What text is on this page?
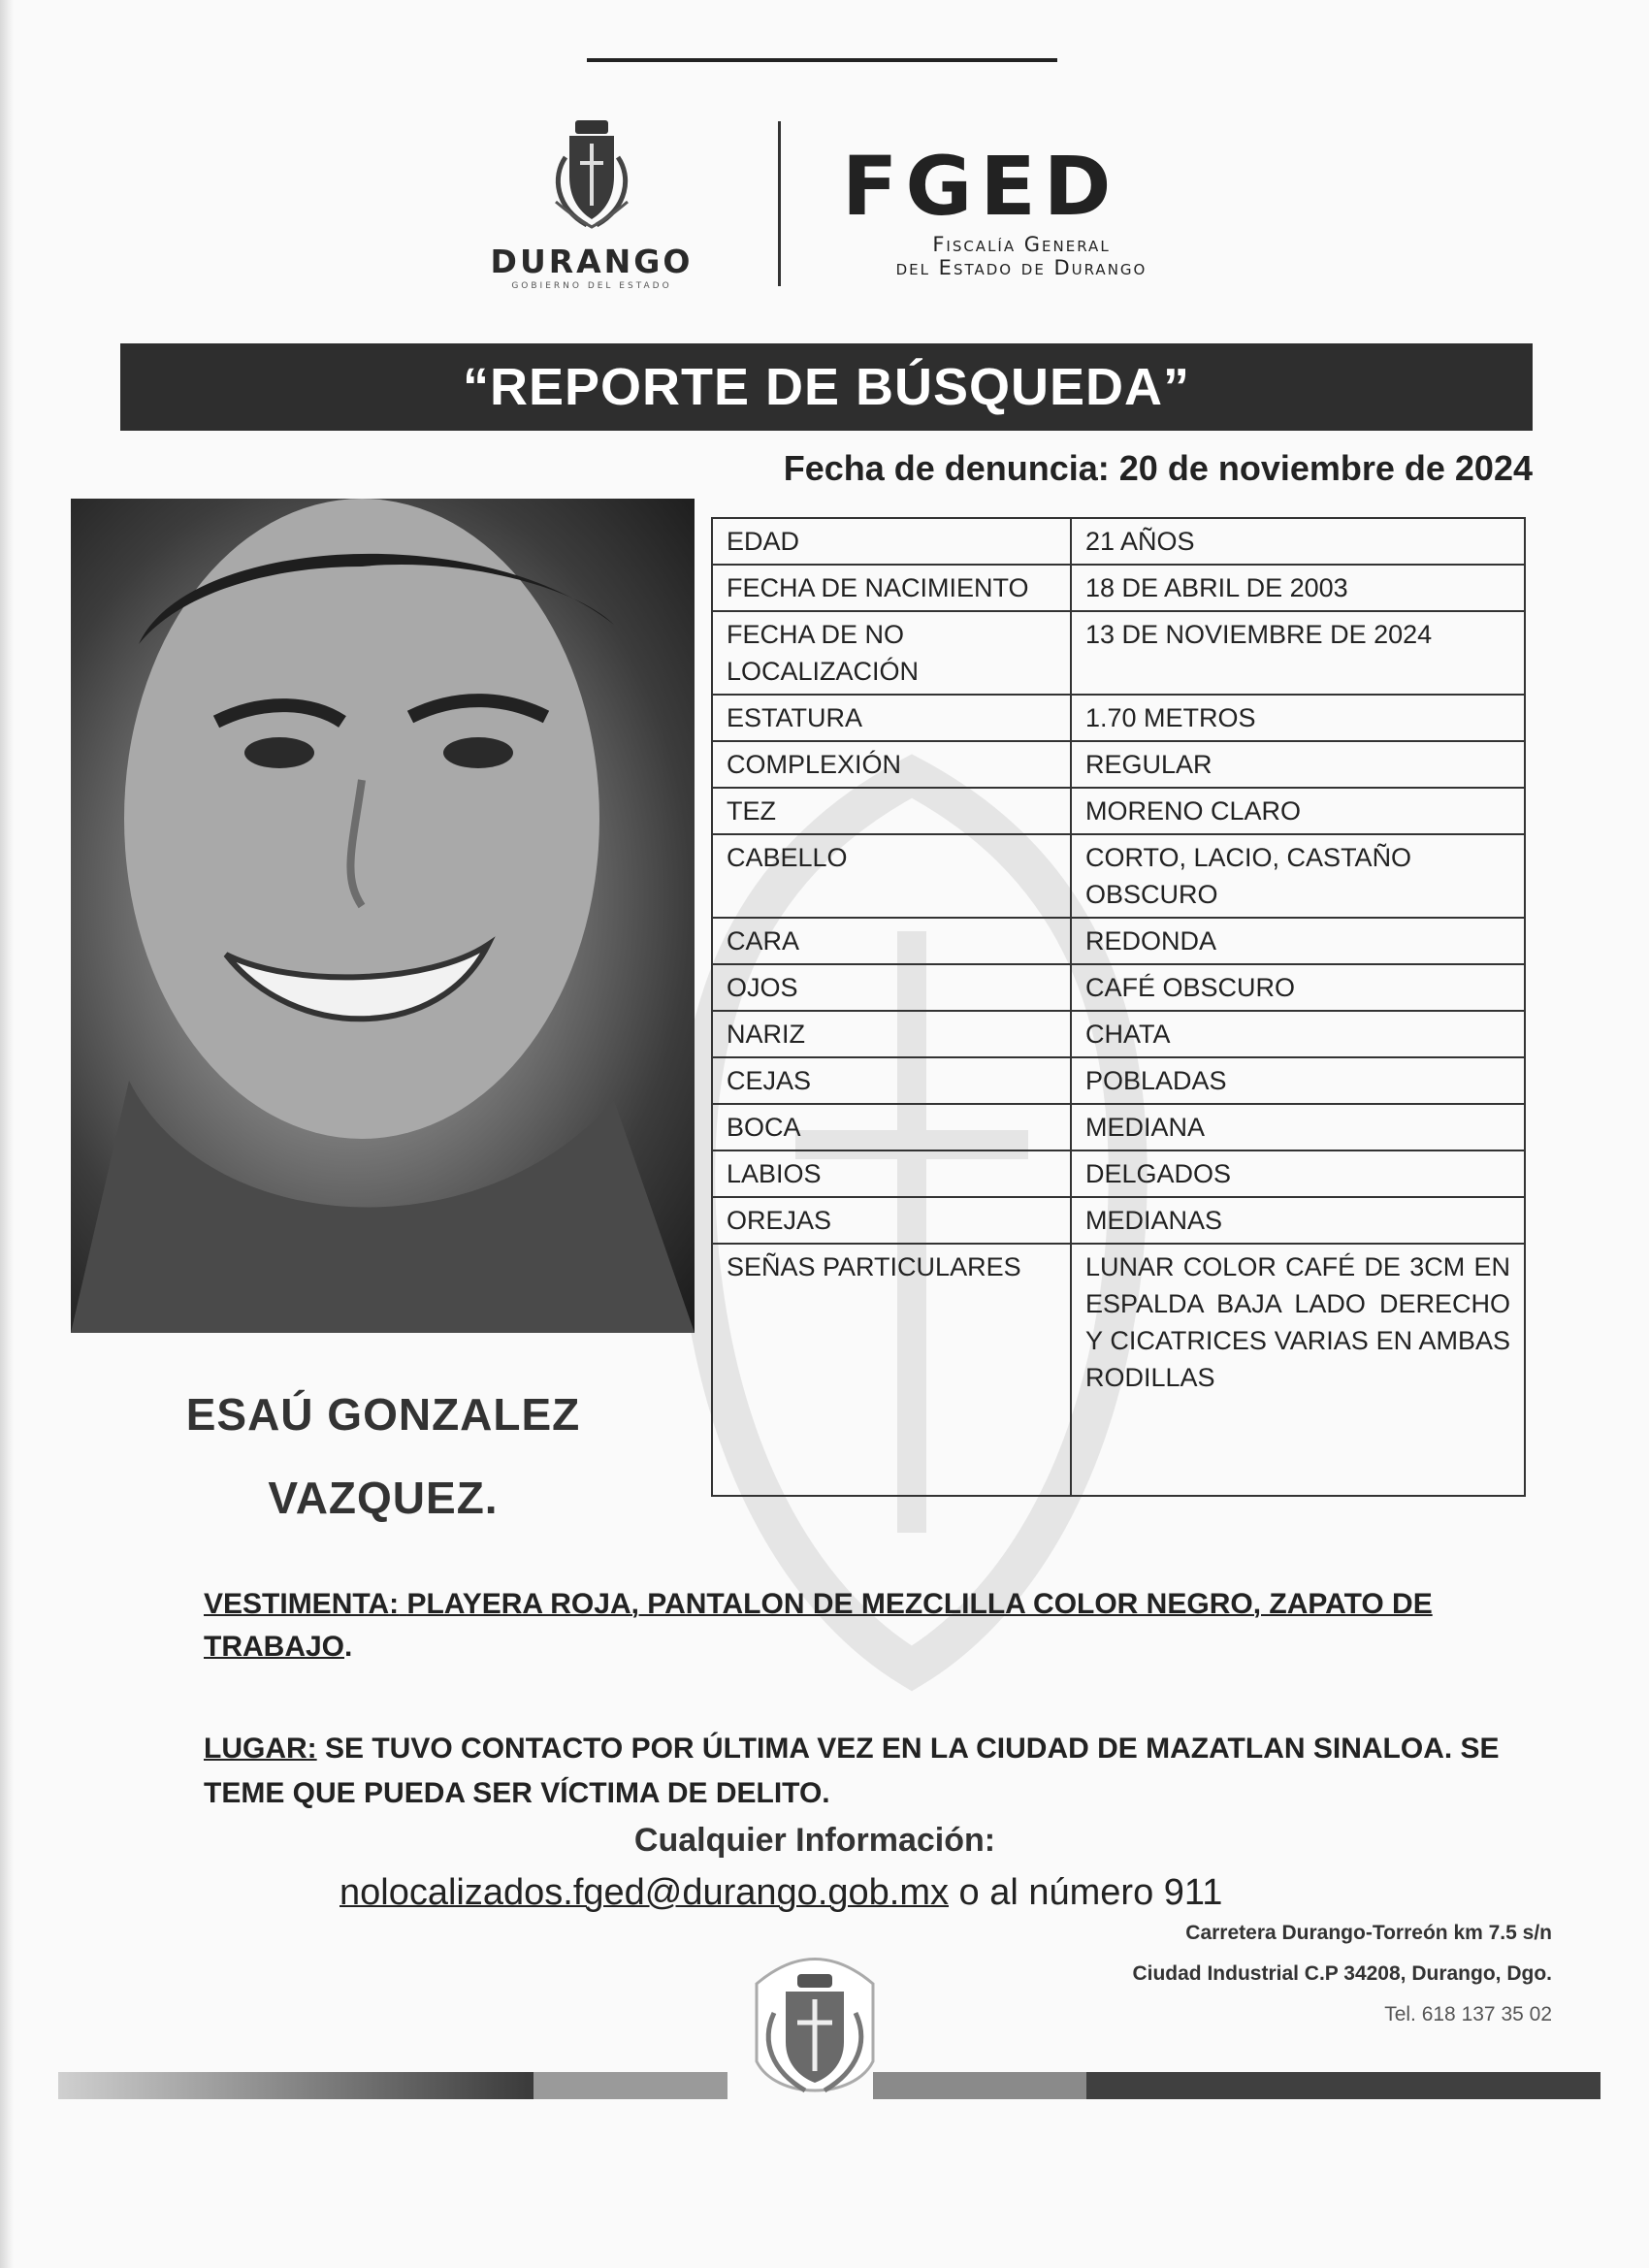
DURANGO
GOBIERNO DEL ESTADO
FGED
Fiscalía General
del Estado de Durango
“REPORTE DE BÚSQUEDA”
Fecha de denuncia: 20 de noviembre de 2024
ESAÚ GONZALEZ
VAZQUEZ.
EDAD	21 AÑOS
FECHA DE NACIMIENTO	18 DE ABRIL DE 2003
FECHA DE NO LOCALIZACIÓN	13 DE NOVIEMBRE DE 2024
ESTATURA	1.70 METROS
COMPLEXIÓN	REGULAR
TEZ	MORENO CLARO
CABELLO	CORTO, LACIO, CASTAÑO OBSCURO
CARA	REDONDA
OJOS	CAFÉ OBSCURO
NARIZ	CHATA
CEJAS	POBLADAS
BOCA	MEDIANA
LABIOS	DELGADOS
OREJAS	MEDIANAS
SEÑAS PARTICULARES	LUNAR COLOR CAFÉ DE 3CM EN ESPALDA BAJA LADO DERECHO Y CICATRICES VARIAS EN AMBAS RODILLAS
VESTIMENTA: PLAYERA ROJA, PANTALON DE MEZCLILLA COLOR NEGRO, ZAPATO DE TRABAJO.
LUGAR: SE TUVO CONTACTO POR ÚLTIMA VEZ EN LA CIUDAD DE MAZATLAN SINALOA. SE TEME QUE PUEDA SER VÍCTIMA DE DELITO.
Cualquier Información:
nolocalizados.fged@durango.gob.mx o al número 911
Carretera Durango-Torreón km 7.5 s/n
Ciudad Industrial C.P 34208, Durango, Dgo.
Tel. 618 137 35 02
